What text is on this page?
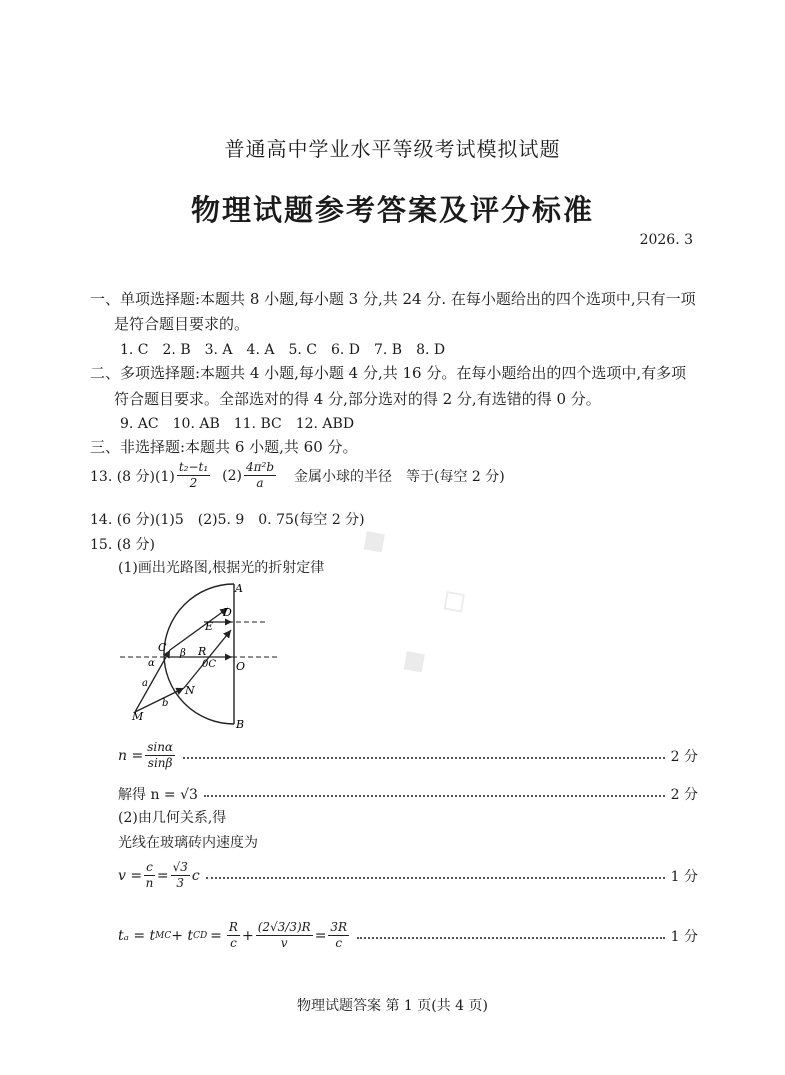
普通高中学业水平等级考试模拟试题
物理试题参考答案及评分标准
2026. 3
一、单项选择题:本题共 8 小题,每小题 3 分,共 24 分. 在每小题给出的四个选项中,只有一项
是符合题目要求的。
1. C　2. B　3. A　4. A　5. C　6. D　7. B　8. D
二、多项选择题:本题共 4 小题,每小题 4 分,共 16 分。在每小题给出的四个选项中,有多项
符合题目要求。全部选对的得 4 分,部分选对的得 2 分,有选错的得 0 分。
9. AC　10. AB　11. BC　12. ABD
三、非选择题:本题共 6 小题,共 60 分。
13. (8 分)$(1) \frac{\text{t₂−t₁}}{2} (2) \frac{\text{4π²b}}{a}$ 金属小球的半径　等于(每空 2 分)
14. (6 分)(1)5　(2)5. 9　0. 75(每空 2 分)
15. (8 分)
(1)画出光路图,根据光的折射定律
A
D
E
C β R
0C O
α
a
N
b
M
B
$n = \frac{\sin\alpha}{\sin\beta}$	2 分
解得 n = √3	2 分
(2)由几何关系,得
光线在玻璃砖内速度为
$v = \frac{c}{n} = \frac{√3}{3}$ c	1 分
tₐ = t MC + t CD = $\frac{R}{c} + \frac{(2√3/3)R}{v} = \frac{3R}{c}$	1 分
◆
◇
◆
物理试题答案 第 1 页(共 4 页)
